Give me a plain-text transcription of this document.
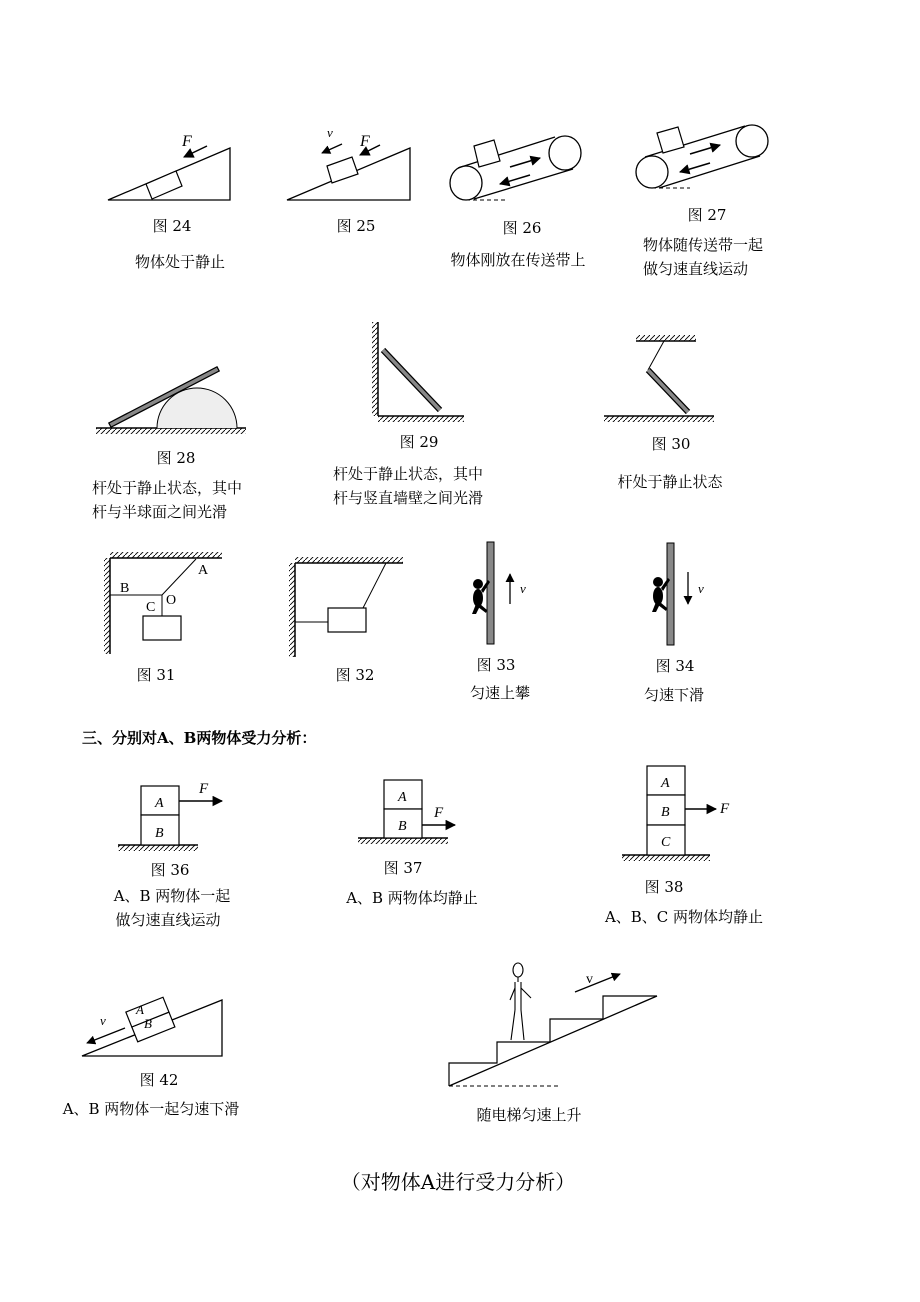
F	F
v
A
B
C O
v	v
A
B
F
A
B
F
A
B
C
F
A
B
v
v
图 24
物体处于静止
图 25	图 26
物体刚放在传送带上
图 27
物体随传送带一起
做匀速直线运动
图 28
杆处于静止状态，其中
杆与半球面之间光滑
图 29
杆处于静止状态，其中
杆与竖直墙壁之间光滑
图 30
杆处于静止状态
图 31	图 32
图 33
匀速上攀
图 34
匀速下滑
三、分别对A、B两物体受力分析：
图 36
A、B 两物体一起
做匀速直线运动
图 37
A、B 两物体均静止
图 38
A、B、C 两物体均静止
图 42
A、B 两物体一起匀速下滑	随电梯匀速上升
（对物体A进行受力分析）
